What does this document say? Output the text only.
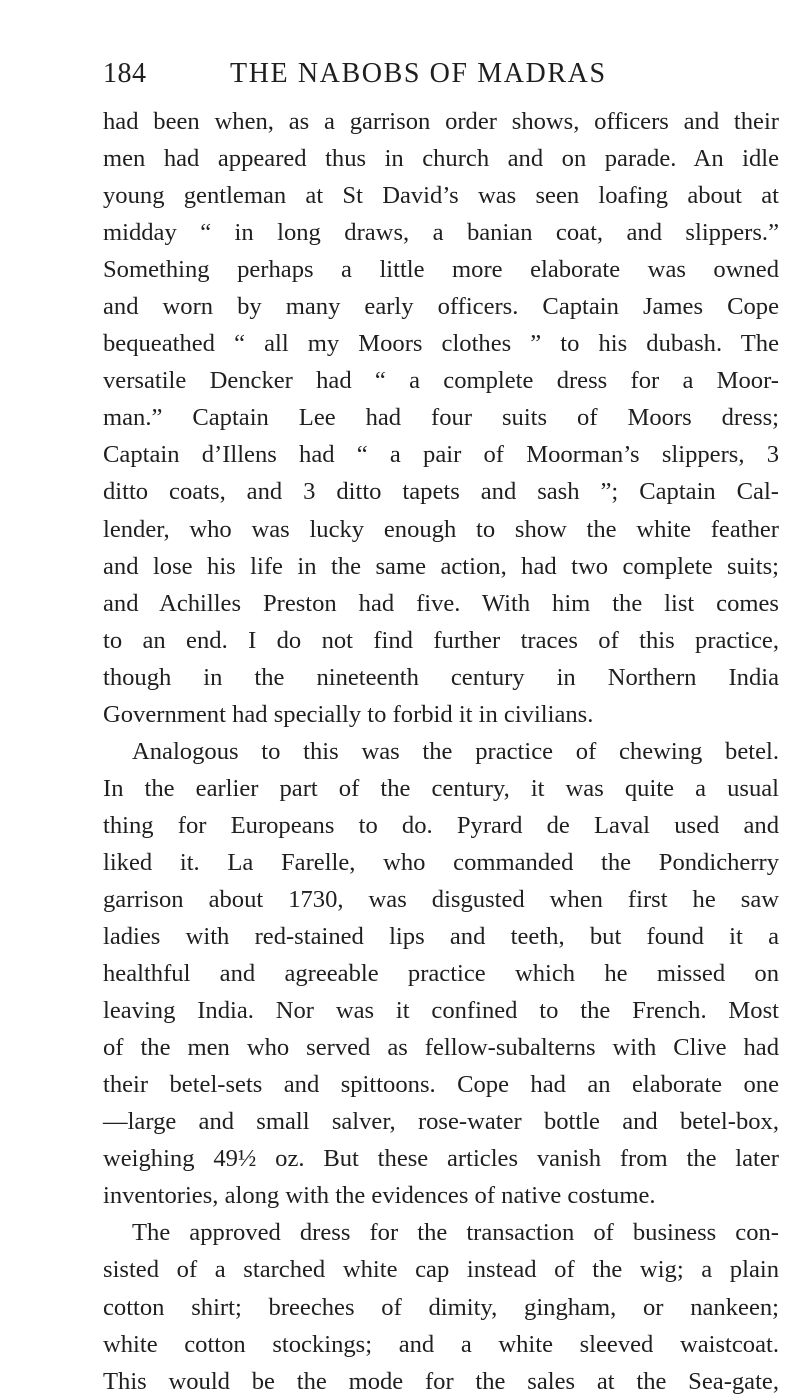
184	THE NABOBS OF MADRAS
had been when, as a garrison order shows, officers and their
men had appeared thus in church and on parade. An idle
young gentleman at St David’s was seen loafing about at
midday “ in long draws, a banian coat, and slippers.”
Something perhaps a little more elaborate was owned
and worn by many early officers. Captain James Cope
bequeathed “ all my Moors clothes ” to his dubash. The
versatile Dencker had “ a complete dress for a Moor-
man.” Captain Lee had four suits of Moors dress;
Captain d’Illens had “ a pair of Moorman’s slippers, 3
ditto coats, and 3 ditto tapets and sash ”; Captain Cal-
lender, who was lucky enough to show the white feather
and lose his life in the same action, had two complete suits;
and Achilles Preston had five. With him the list comes
to an end. I do not find further traces of this practice,
though in the nineteenth century in Northern India
Government had specially to forbid it in civilians.
Analogous to this was the practice of chewing betel.
In the earlier part of the century, it was quite a usual
thing for Europeans to do. Pyrard de Laval used and
liked it. La Farelle, who commanded the Pondicherry
garrison about 1730, was disgusted when first he saw
ladies with red-stained lips and teeth, but found it a
healthful and agreeable practice which he missed on
leaving India. Nor was it confined to the French. Most
of the men who served as fellow-subalterns with Clive had
their betel-sets and spittoons. Cope had an elaborate one
—large and small salver, rose-water bottle and betel-box,
weighing 49½ oz. But these articles vanish from the later
inventories, along with the evidences of native costume.
The approved dress for the transaction of business con-
sisted of a starched white cap instead of the wig; a plain
cotton shirt; breeches of dimity, gingham, or nankeen;
white cotton stockings; and a white sleeved waistcoat.
This would be the mode for the sales at the Sea-gate,
